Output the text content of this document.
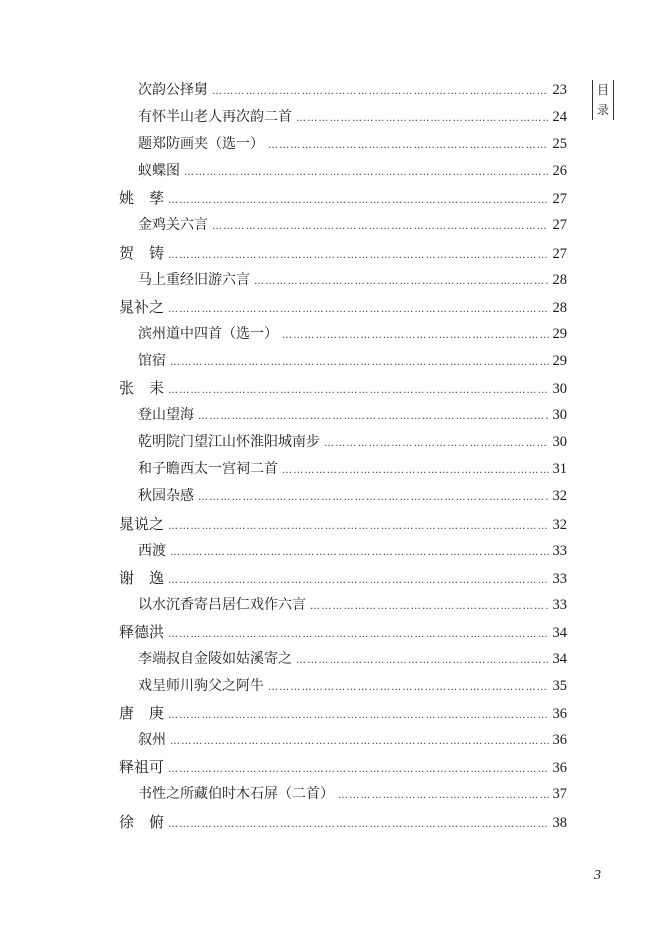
目
录
次韵公择舅 ………………………………………………………………………………………………………………………………………………………………………………………………………	23
有怀半山老人再次韵二首 ………………………………………………………………………………………………………………………………………………………………………………………………………	24
题郑防画夹（选一） ………………………………………………………………………………………………………………………………………………………………………………………………………	25
蚁蝶图 ………………………………………………………………………………………………………………………………………………………………………………………………………	26
姚　孳 ………………………………………………………………………………………………………………………………………………………………………………………………………	27
金鸡关六言 ………………………………………………………………………………………………………………………………………………………………………………………………………	27
贺　铸 ………………………………………………………………………………………………………………………………………………………………………………………………………	27
马上重经旧游六言 ………………………………………………………………………………………………………………………………………………………………………………………………………	28
晁补之 ………………………………………………………………………………………………………………………………………………………………………………………………………	28
滨州道中四首（选一） ………………………………………………………………………………………………………………………………………………………………………………………………………	29
馆宿 ………………………………………………………………………………………………………………………………………………………………………………………………………	29
张　耒 ………………………………………………………………………………………………………………………………………………………………………………………………………	30
登山望海 ………………………………………………………………………………………………………………………………………………………………………………………………………	30
乾明院门望江山怀淮阳城南步 ………………………………………………………………………………………………………………………………………………………………………………………………………	30
和子瞻西太一宫祠二首 ………………………………………………………………………………………………………………………………………………………………………………………………………	31
秋园杂感 ………………………………………………………………………………………………………………………………………………………………………………………………………	32
晁说之 ………………………………………………………………………………………………………………………………………………………………………………………………………	32
西渡 ………………………………………………………………………………………………………………………………………………………………………………………………………	33
谢　逸 ………………………………………………………………………………………………………………………………………………………………………………………………………	33
以水沉香寄吕居仁戏作六言 ………………………………………………………………………………………………………………………………………………………………………………………………………	33
释德洪 ………………………………………………………………………………………………………………………………………………………………………………………………………	34
李端叔自金陵如姑溪寄之 ………………………………………………………………………………………………………………………………………………………………………………………………………	34
戏呈师川驹父之阿牛 ………………………………………………………………………………………………………………………………………………………………………………………………………	35
唐　庚 ………………………………………………………………………………………………………………………………………………………………………………………………………	36
叙州 ………………………………………………………………………………………………………………………………………………………………………………………………………	36
释祖可 ………………………………………………………………………………………………………………………………………………………………………………………………………	36
书性之所藏伯时木石屏（二首） ………………………………………………………………………………………………………………………………………………………………………………………………………	37
徐　俯 ………………………………………………………………………………………………………………………………………………………………………………………………………	38
3
